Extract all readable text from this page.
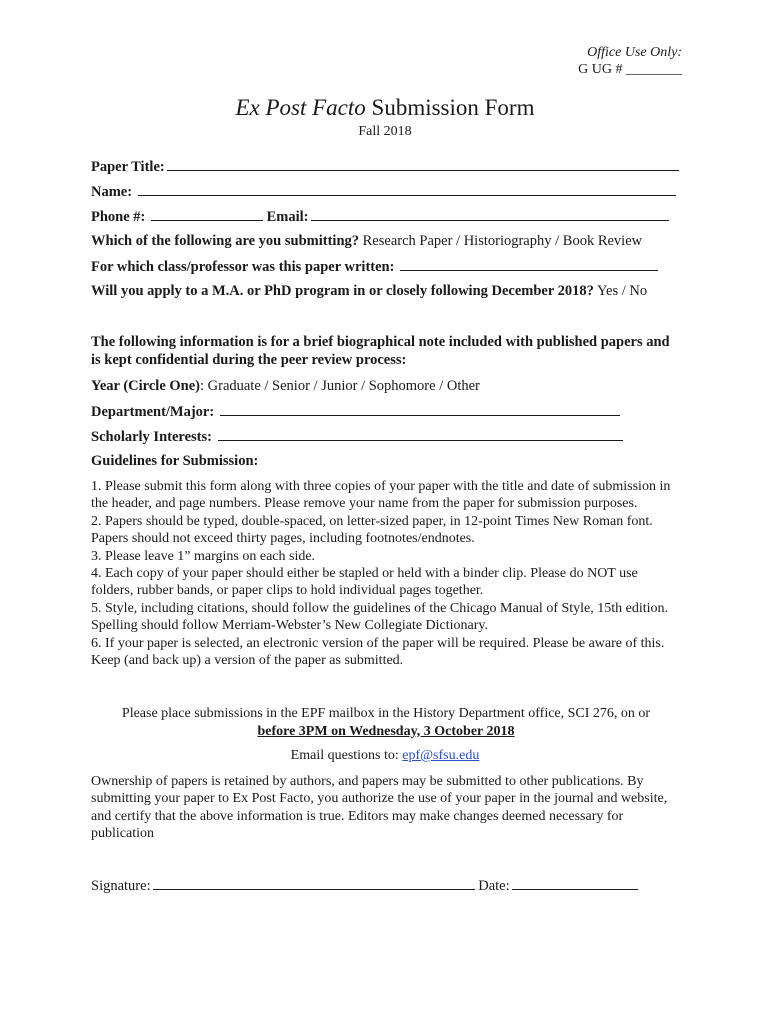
Office Use Only:
G UG # ________
Ex Post Facto Submission Form
Fall 2018
Paper Title:
Name:
Phone #:	Email:
Which of the following are you submitting? Research Paper / Historiography / Book Review
For which class/professor was this paper written:
Will you apply to a M.A. or PhD program in or closely following December 2018? Yes / No
The following information is for a brief biographical note included with published papers and is kept confidential during the peer review process:
Year (Circle One): Graduate / Senior / Junior / Sophomore / Other
Department/Major:
Scholarly Interests:
Guidelines for Submission:

1. Please submit this form along with three copies of your paper with the title and date of submission in the header, and page numbers. Please remove your name from the paper for submission purposes.

2. Papers should be typed, double-spaced, on letter-sized paper, in 12-point Times New Roman font. Papers should not exceed thirty pages, including footnotes/endnotes.

3. Please leave 1” margins on each side.

4. Each copy of your paper should either be stapled or held with a binder clip. Please do NOT use folders, rubber bands, or paper clips to hold individual pages together.

5. Style, including citations, should follow the guidelines of the Chicago Manual of Style, 15th edition. Spelling should follow Merriam-Webster’s New Collegiate Dictionary.

6. If your paper is selected, an electronic version of the paper will be required. Please be aware of this. Keep (and back up) a version of the paper as submitted.

Please place submissions in the EPF mailbox in the History Department office, SCI 276, on or
before 3PM on Wednesday, 3 October 2018
Email questions to: epf@sfsu.edu
Ownership of papers is retained by authors, and papers may be submitted to other publications. By submitting your paper to Ex Post Facto, you authorize the use of your paper in the journal and website, and certify that the above information is true. Editors may make changes deemed necessary for publication
Signature:	Date:
